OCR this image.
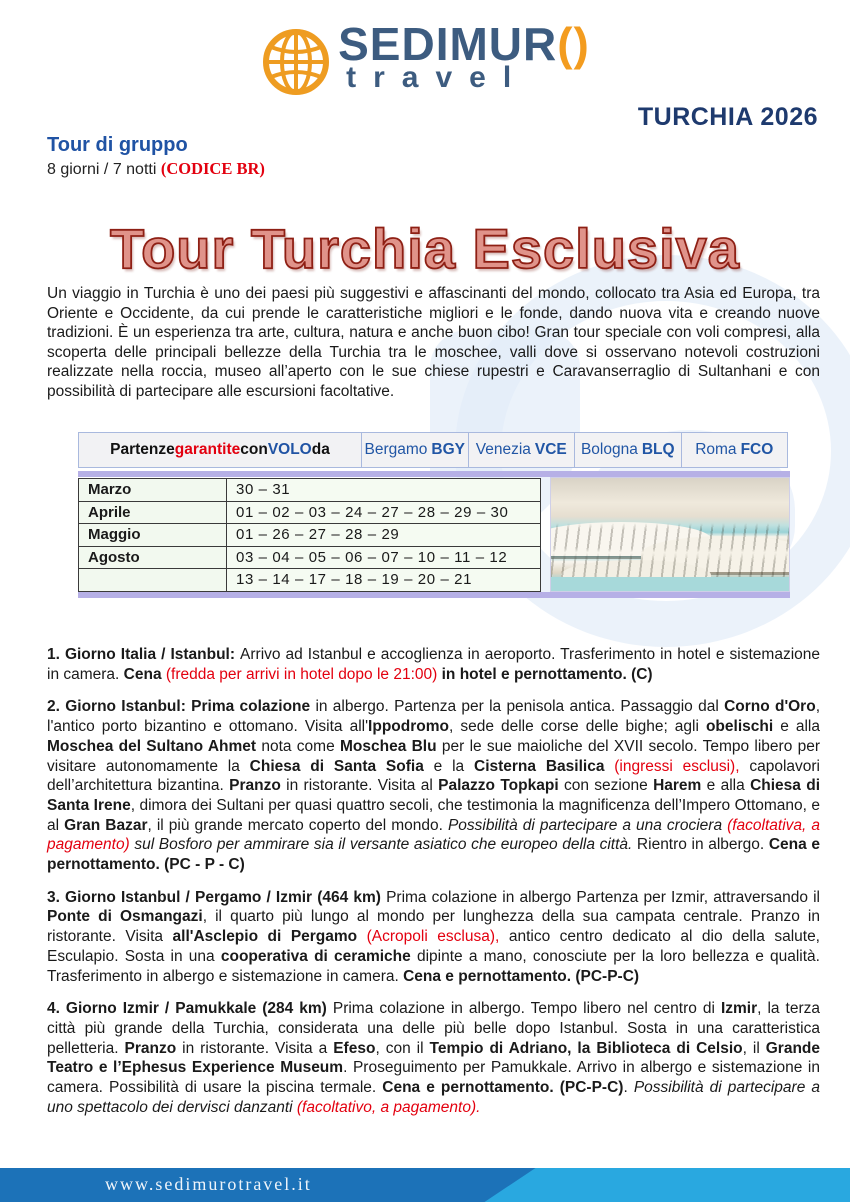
SEDIMUR()
travel
TURCHIA 2026
Tour di gruppo
8 giorni / 7 notti (CODICE BR)
Tour Turchia Esclusiva

Un viaggio in Turchia è uno dei paesi più suggestivi e affascinanti del mondo, collocato tra Asia ed Europa, tra Oriente e Occidente, da cui prende le caratteristiche migliori e le fonde, dando nuova vita e creando nuove tradizioni. È un esperienza tra arte, cultura, natura e anche buon cibo! Gran tour speciale con voli compresi, alla scoperta delle principali bellezze della Turchia tra le moschee, valli dove si osservano notevoli costruzioni realizzate nella roccia, museo all’aperto con le sue chiese rupestri e Caravanserraglio di Sultanhani e con possibilità di partecipare alle escursioni facoltative.

Partenze garantite con VOLO da Bergamo BGY Venezia VCE Bologna BLQ Roma FCO
Marzo	30 – 31
Aprile	01 – 02 – 03 – 24 – 27 – 28 – 29 – 30
Maggio	01 – 26 – 27 – 28 – 29
Agosto	03 – 04 – 05 – 06 – 07 – 10 – 11 – 12
	13 – 14 – 17 – 18 – 19 – 20 – 21

1. Giorno Italia / Istanbul: Arrivo ad Istanbul e accoglienza in aeroporto. Trasferimento in hotel e sistemazione in camera. Cena (fredda per arrivi in hotel dopo le 21:00) in hotel e pernottamento. (C)

2. Giorno Istanbul: Prima colazione in albergo. Partenza per la penisola antica. Passaggio dal Corno d'Oro, l'antico porto bizantino e ottomano. Visita all'Ippodromo, sede delle corse delle bighe; agli obelischi e alla Moschea del Sultano Ahmet nota come Moschea Blu per le sue maioliche del XVII secolo. Tempo libero per visitare autonomamente la Chiesa di Santa Sofia e la Cisterna Basilica (ingressi esclusi), capolavori dell’architettura bizantina. Pranzo in ristorante. Visita al Palazzo Topkapi con sezione Harem e alla Chiesa di Santa Irene, dimora dei Sultani per quasi quattro secoli, che testimonia la magnificenza dell’Impero Ottomano, e al Gran Bazar, il più grande mercato coperto del mondo. Possibilità di partecipare a una crociera (facoltativa, a pagamento) sul Bosforo per ammirare sia il versante asiatico che europeo della città. Rientro in albergo. Cena e pernottamento. (PC - P - C)

3. Giorno Istanbul / Pergamo / Izmir (464 km) Prima colazione in albergo Partenza per Izmir, attraversando il Ponte di Osmangazi, il quarto più lungo al mondo per lunghezza della sua campata centrale. Pranzo in ristorante. Visita all'Asclepio di Pergamo (Acropoli esclusa), antico centro dedicato al dio della salute, Esculapio. Sosta in una cooperativa di ceramiche dipinte a mano, conosciute per la loro bellezza e qualità. Trasferimento in albergo e sistemazione in camera. Cena e pernottamento. (PC-P-C)

4. Giorno Izmir / Pamukkale (284 km) Prima colazione in albergo. Tempo libero nel centro di Izmir, la terza città più grande della Turchia, considerata una delle più belle dopo Istanbul. Sosta in una caratteristica pelletteria. Pranzo in ristorante. Visita a Efeso, con il Tempio di Adriano, la Biblioteca di Celsio, il Grande Teatro e l’Ephesus Experience Museum. Proseguimento per Pamukkale. Arrivo in albergo e sistemazione in camera. Possibilità di usare la piscina termale. Cena e pernottamento. (PC-P-C). Possibilità di partecipare a uno spettacolo dei dervisci danzanti (facoltativo, a pagamento).

www.sedimurotravel.it
